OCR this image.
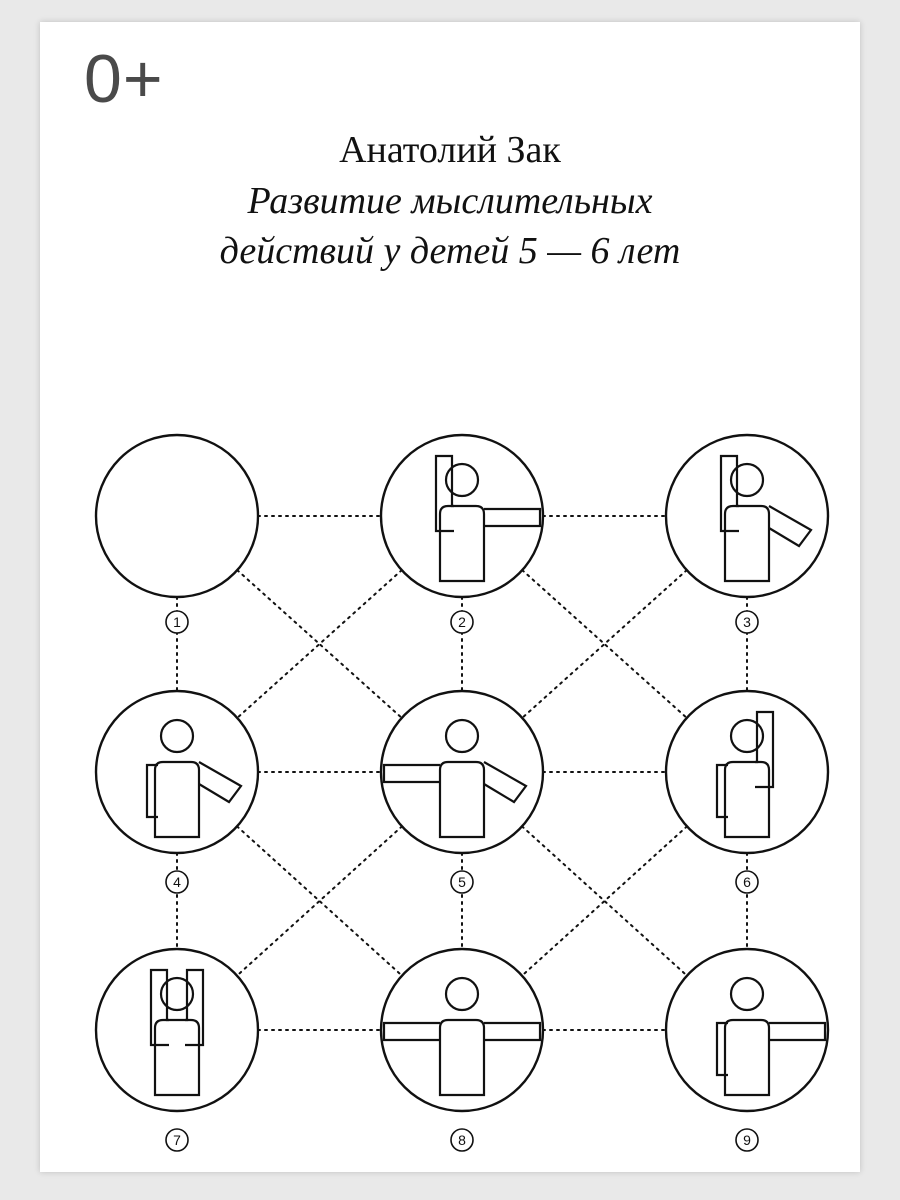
0+
Анатолий Зак
Развитие мыслительных
действий у детей 5 — 6 лет
1	2	3
4	5	6
7	8	9
